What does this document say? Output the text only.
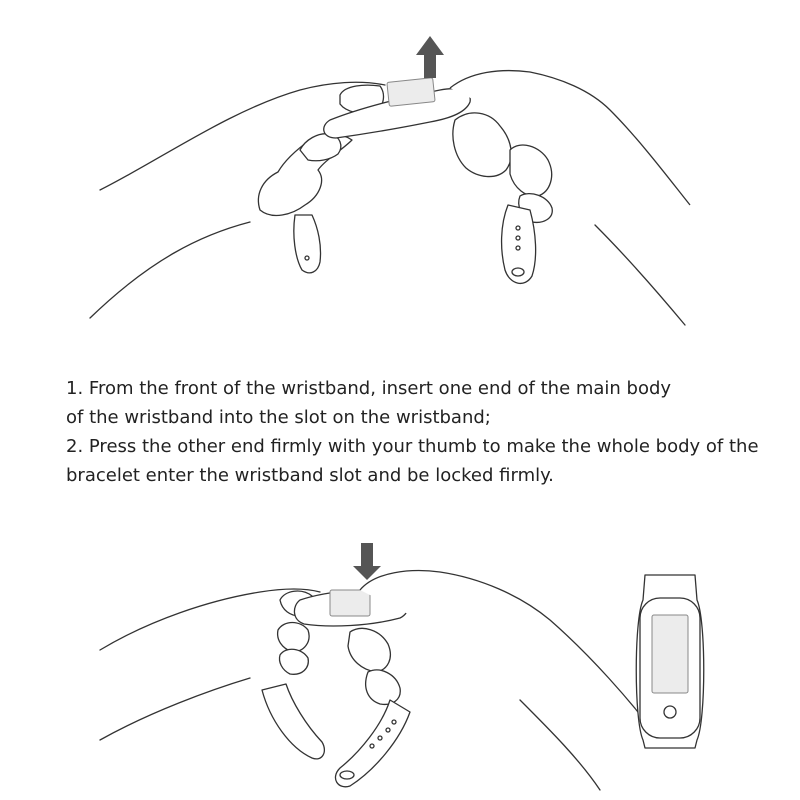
1. From the front of the wristband, insert one end of the main body

of the wristband into the slot on the wristband;

2. Press the other end firmly with your thumb to make the whole body of the

bracelet enter the wristband slot and be locked firmly.
